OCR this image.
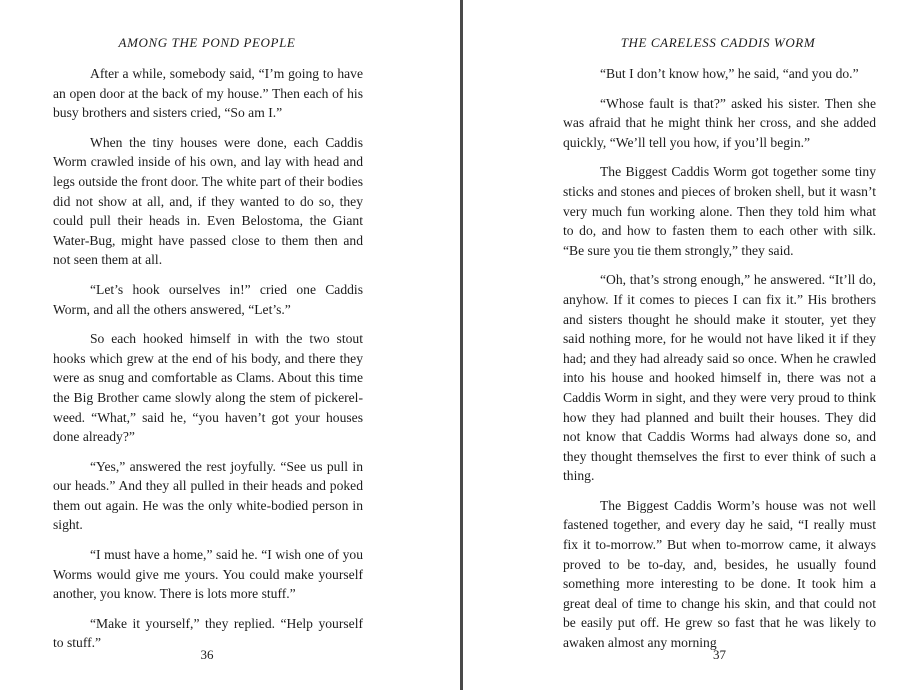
AMONG THE POND PEOPLE

After a while, somebody said, “I’m going to have an open door at the back of my house.” Then each of his busy brothers and sisters cried, “So am I.”

When the tiny houses were done, each Caddis Worm crawled inside of his own, and lay with head and legs outside the front door. The white part of their bodies did not show at all, and, if they wanted to do so, they could pull their heads in. Even Belostoma, the Giant Water-Bug, might have passed close to them then and not seen them at all.

“Let’s hook ourselves in!” cried one Caddis Worm, and all the others answered, “Let’s.”

So each hooked himself in with the two stout hooks which grew at the end of his body, and there they were as snug and comfortable as Clams. About this time the Big Brother came slowly along the stem of pickerel-weed. “What,” said he, “you haven’t got your houses done already?”

“Yes,” answered the rest joyfully. “See us pull in our heads.” And they all pulled in their heads and poked them out again. He was the only white-bodied person in sight.

“I must have a home,” said he. “I wish one of you Worms would give me yours. You could make yourself another, you know. There is lots more stuff.”

“Make it yourself,” they replied. “Help yourself to stuff.”

36
THE CARELESS CADDIS WORM

“But I don’t know how,” he said, “and you do.”

“Whose fault is that?” asked his sister. Then she was afraid that he might think her cross, and she added quickly, “We’ll tell you how, if you’ll begin.”

The Biggest Caddis Worm got together some tiny sticks and stones and pieces of broken shell, but it wasn’t very much fun working alone. Then they told him what to do, and how to fasten them to each other with silk. “Be sure you tie them strongly,” they said.

“Oh, that’s strong enough,” he answered. “It’ll do, anyhow. If it comes to pieces I can fix it.” His brothers and sisters thought he should make it stouter, yet they said nothing more, for he would not have liked it if they had; and they had already said so once. When he crawled into his house and hooked himself in, there was not a Caddis Worm in sight, and they were very proud to think how they had planned and built their houses. They did not know that Caddis Worms had always done so, and they thought themselves the first to ever think of such a thing.

The Biggest Caddis Worm’s house was not well fastened together, and every day he said, “I really must fix it to-morrow.” But when to-morrow came, it always proved to be to-day, and, besides, he usually found something more interesting to be done. It took him a great deal of time to change his skin, and that could not be easily put off. He grew so fast that he was likely to awaken almost any morning

37
